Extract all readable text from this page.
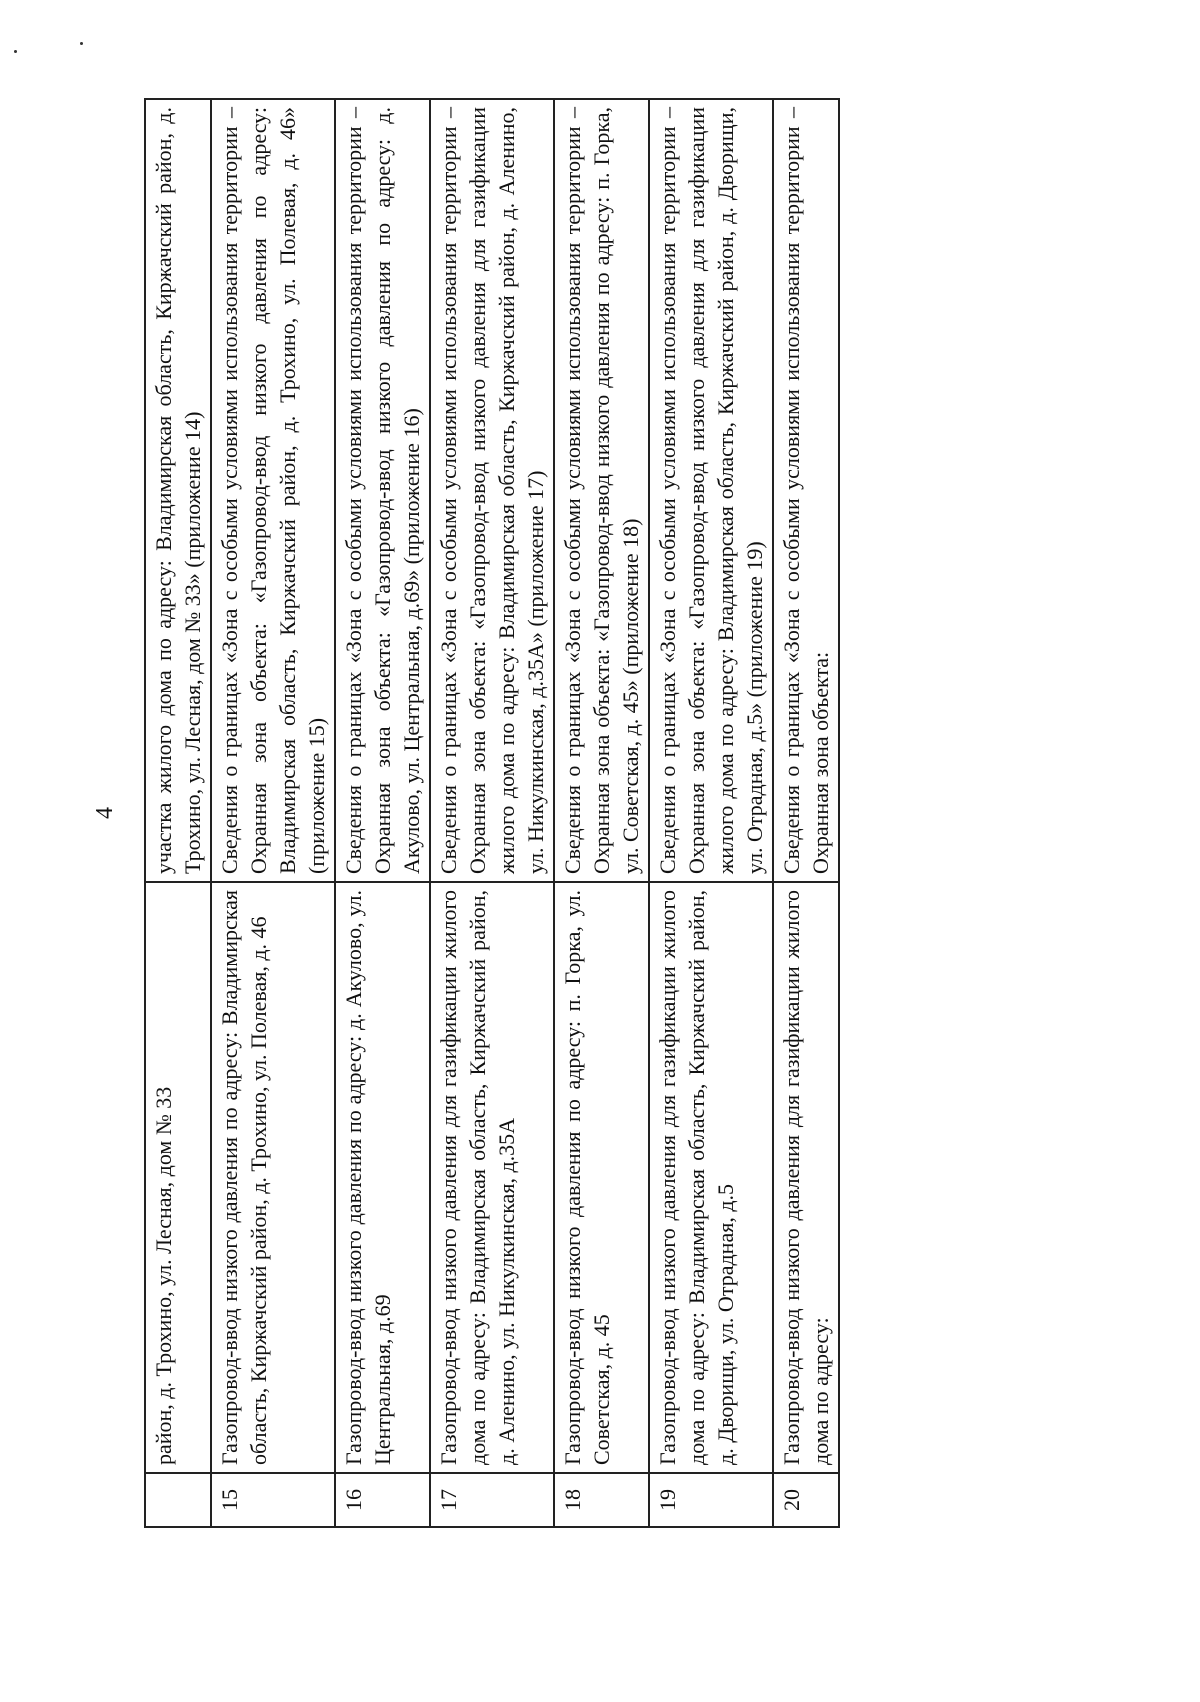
4
	район, д. Трохино, ул. Лесная, дом № 33	участка жилого дома по адресу: Владимирская область, Киржачский район, д. Трохино, ул. Лесная, дом № 33» (приложение 14)
15	Газопровод-ввод низкого давления по адресу: Владимирская область, Киржачский район, д. Трохино, ул. Полевая, д. 46	Сведения о границах «Зона с особыми условиями использования территории – Охранная зона объекта: «Газопровод-ввод низкого давления по адресу: Владимирская область, Киржачский район, д. Трохино, ул. Полевая, д. 46» (приложение 15)
16	Газопровод-ввод низкого давления по адресу: д. Акулово, ул. Центральная, д.69	Сведения о границах «Зона с особыми условиями использования территории – Охранная зона объекта: «Газопровод-ввод низкого давления по адресу: д. Акулово, ул. Центральная, д.69» (приложение 16)
17	Газопровод-ввод низкого давления для газификации жилого дома по адресу: Владимирская область, Киржачский район, д. Аленино, ул. Никулкинская, д.35А	Сведения о границах «Зона с особыми условиями использования территории – Охранная зона объекта: «Газопровод-ввод низкого давления для газификации жилого дома по адресу: Владимирская область, Киржачский район, д. Аленино, ул. Никулкинская, д.35А» (приложение 17)
18	Газопровод-ввод низкого давления по адресу: п. Горка, ул. Советская, д. 45	Сведения о границах «Зона с особыми условиями использования территории – Охранная зона объекта: «Газопровод-ввод низкого давления по адресу: п. Горка, ул. Советская, д. 45» (приложение 18)
19	Газопровод-ввод низкого давления для газификации жилого дома по адресу: Владимирская область, Киржачский район, д. Дворищи, ул. Отрадная, д.5	Сведения о границах «Зона с особыми условиями использования территории – Охранная зона объекта: «Газопровод-ввод низкого давления для газификации жилого дома по адресу: Владимирская область, Киржачский район, д. Дворищи, ул. Отрадная, д.5» (приложение 19)
20	Газопровод-ввод низкого давления для газификации жилого дома по адресу:	Сведения о границах «Зона с особыми условиями использования территории – Охранная зона объекта:
